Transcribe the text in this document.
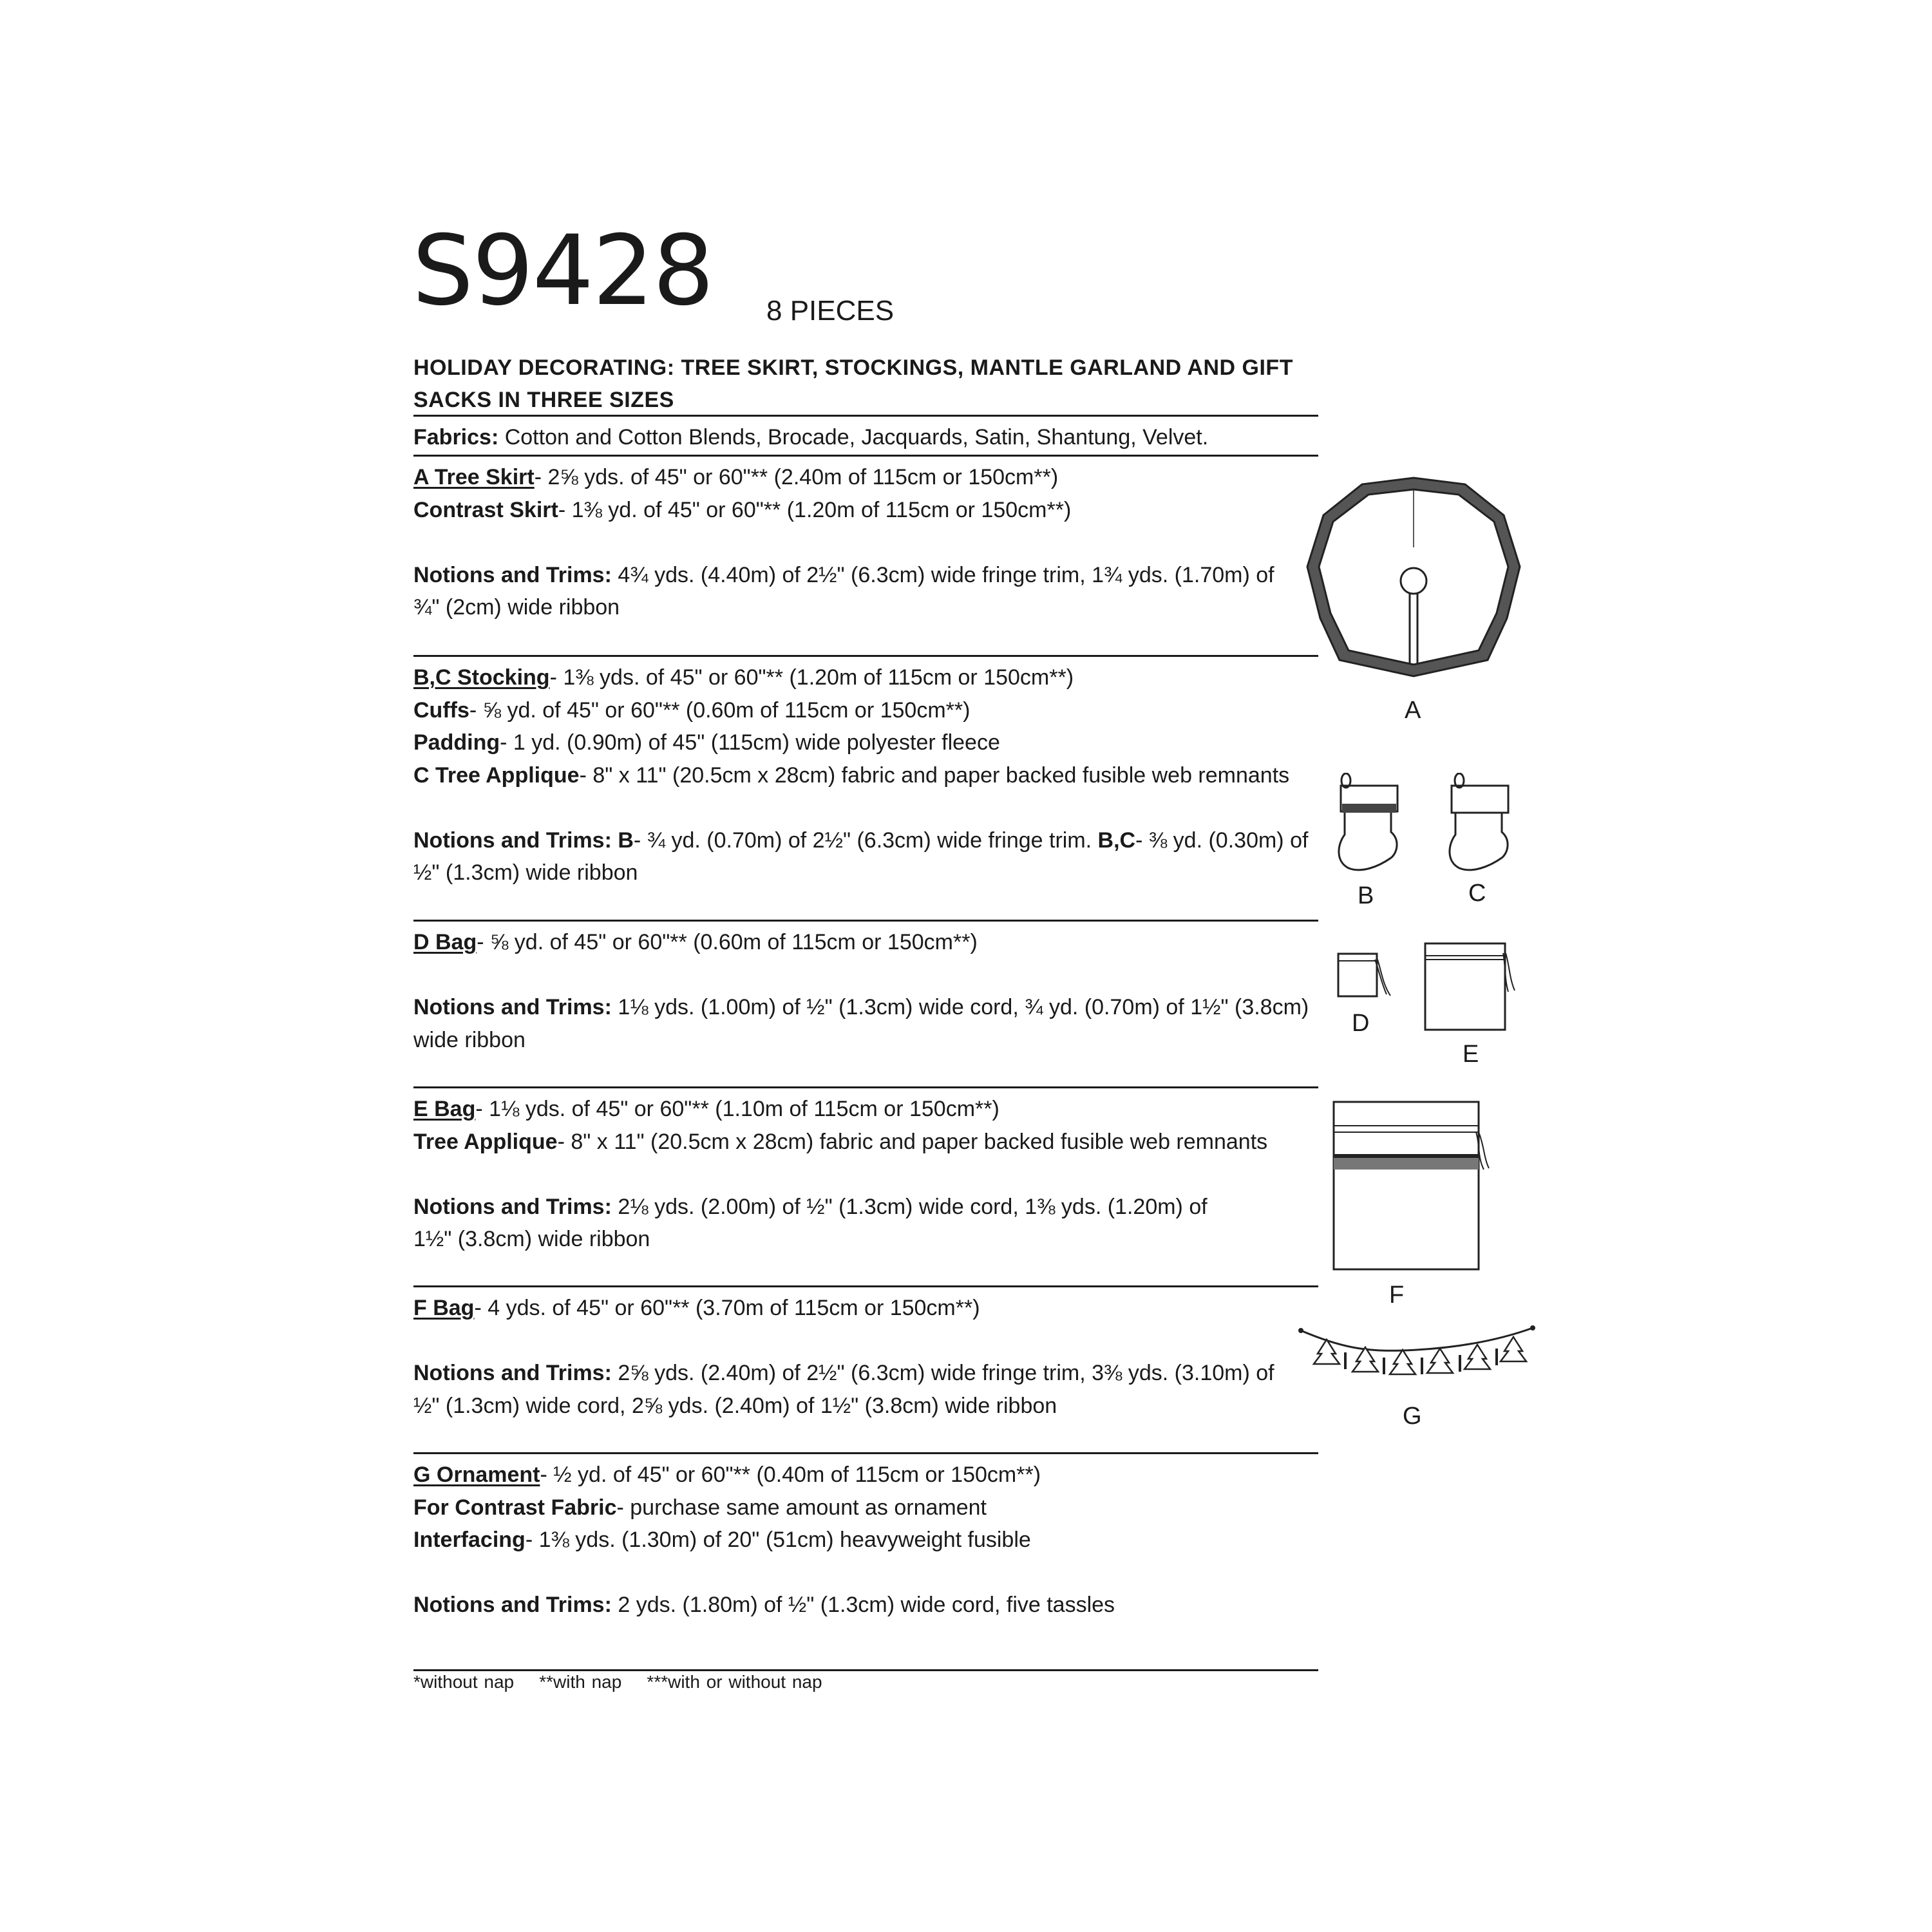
S9428 8 PIECES
HOLIDAY DECORATING: TREE SKIRT, STOCKINGS, MANTLE GARLAND AND GIFT SACKS IN THREE SIZES
Fabrics: Cotton and Cotton Blends, Brocade, Jacquards, Satin, Shantung, Velvet.
A Tree Skirt- 2⅝ yds. of 45" or 60"** (2.40m of 115cm or 150cm**)
Contrast Skirt- 1⅜ yd. of 45" or 60"** (1.20m of 115cm or 150cm**)
Notions and Trims: 4¾ yds. (4.40m) of 2½" (6.3cm) wide fringe trim, 1¾ yds. (1.70m) of
¾" (2cm) wide ribbon
B,C Stocking- 1⅜ yds. of 45" or 60"** (1.20m of 115cm or 150cm**)
Cuffs- ⅝ yd. of 45" or 60"** (0.60m of 115cm or 150cm**)
Padding- 1 yd. (0.90m) of 45" (115cm) wide polyester fleece
C Tree Applique- 8" x 11" (20.5cm x 28cm) fabric and paper backed fusible web remnants
Notions and Trims: B- ¾ yd. (0.70m) of 2½" (6.3cm) wide fringe trim. B,C- ⅜ yd. (0.30m) of
½" (1.3cm) wide ribbon
D Bag- ⅝ yd. of 45" or 60"** (0.60m of 115cm or 150cm**)
Notions and Trims: 1⅛ yds. (1.00m) of ½" (1.3cm) wide cord, ¾ yd. (0.70m) of 1½" (3.8cm)
wide ribbon
E Bag- 1⅛ yds. of 45" or 60"** (1.10m of 115cm or 150cm**)
Tree Applique- 8" x 11" (20.5cm x 28cm) fabric and paper backed fusible web remnants
Notions and Trims: 2⅛ yds. (2.00m) of ½" (1.3cm) wide cord, 1⅜ yds. (1.20m) of
1½" (3.8cm) wide ribbon
F Bag- 4 yds. of 45" or 60"** (3.70m of 115cm or 150cm**)
Notions and Trims: 2⅝ yds. (2.40m) of 2½" (6.3cm) wide fringe trim, 3⅜ yds. (3.10m) of
½" (1.3cm) wide cord, 2⅝ yds. (2.40m) of 1½" (3.8cm) wide ribbon
G Ornament- ½ yd. of 45" or 60"** (0.40m of 115cm or 150cm**)
For Contrast Fabric- purchase same amount as ornament
Interfacing- 1⅜ yds. (1.30m) of 20" (51cm) heavyweight fusible
Notions and Trims: 2 yds. (1.80m) of ½" (1.3cm) wide cord, five tassles
*without nap    **with nap    ***with or without nap
A
B	C
D
E
F
G
